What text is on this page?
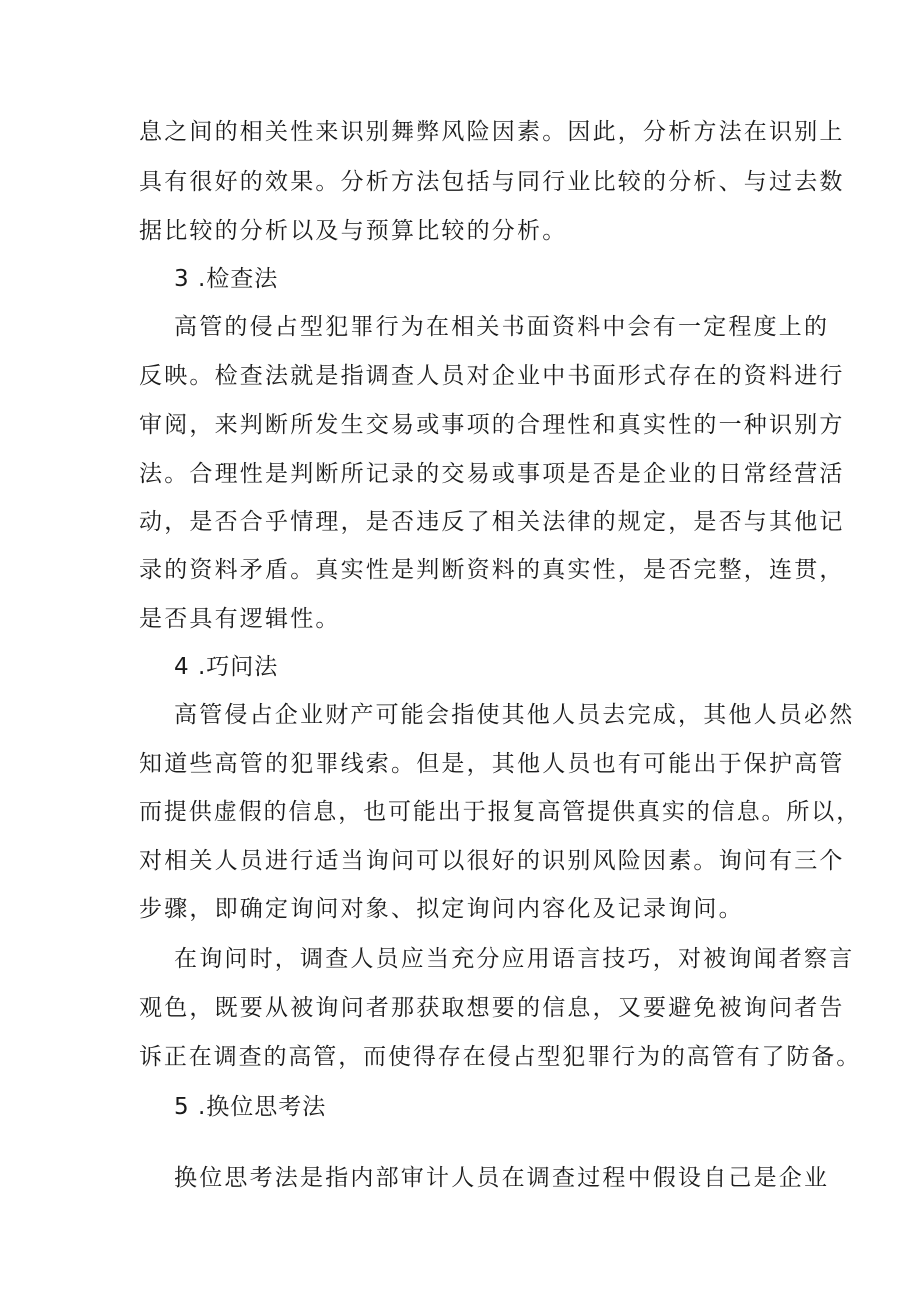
息之间的相关性来识别舞弊风险因素。因此，分析方法在识别上
具有很好的效果。分析方法包括与同行业比较的分析、与过去数
据比较的分析以及与预算比较的分析。
3 .检查法
高管的侵占型犯罪行为在相关书面资料中会有一定程度上的
反映。检查法就是指调查人员对企业中书面形式存在的资料进行
审阅，来判断所发生交易或事项的合理性和真实性的一种识别方
法。合理性是判断所记录的交易或事项是否是企业的日常经营活
动，是否合乎情理，是否违反了相关法律的规定，是否与其他记
录的资料矛盾。真实性是判断资料的真实性，是否完整，连贯，
是否具有逻辑性。
4 .巧问法
高管侵占企业财产可能会指使其他人员去完成，其他人员必然
知道些高管的犯罪线索。但是，其他人员也有可能出于保护高管
而提供虚假的信息，也可能出于报复高管提供真实的信息。所以，
对相关人员进行适当询问可以很好的识别风险因素。询问有三个
步骤，即确定询问对象、拟定询问内容化及记录询问。
在询问时，调查人员应当充分应用语言技巧，对被询闻者察言
观色，既要从被询问者那获取想要的信息，又要避免被询问者告
诉正在调查的高管，而使得存在侵占型犯罪行为的高管有了防备。
5 .换位思考法
换位思考法是指内部审计人员在调查过程中假设自己是企业
